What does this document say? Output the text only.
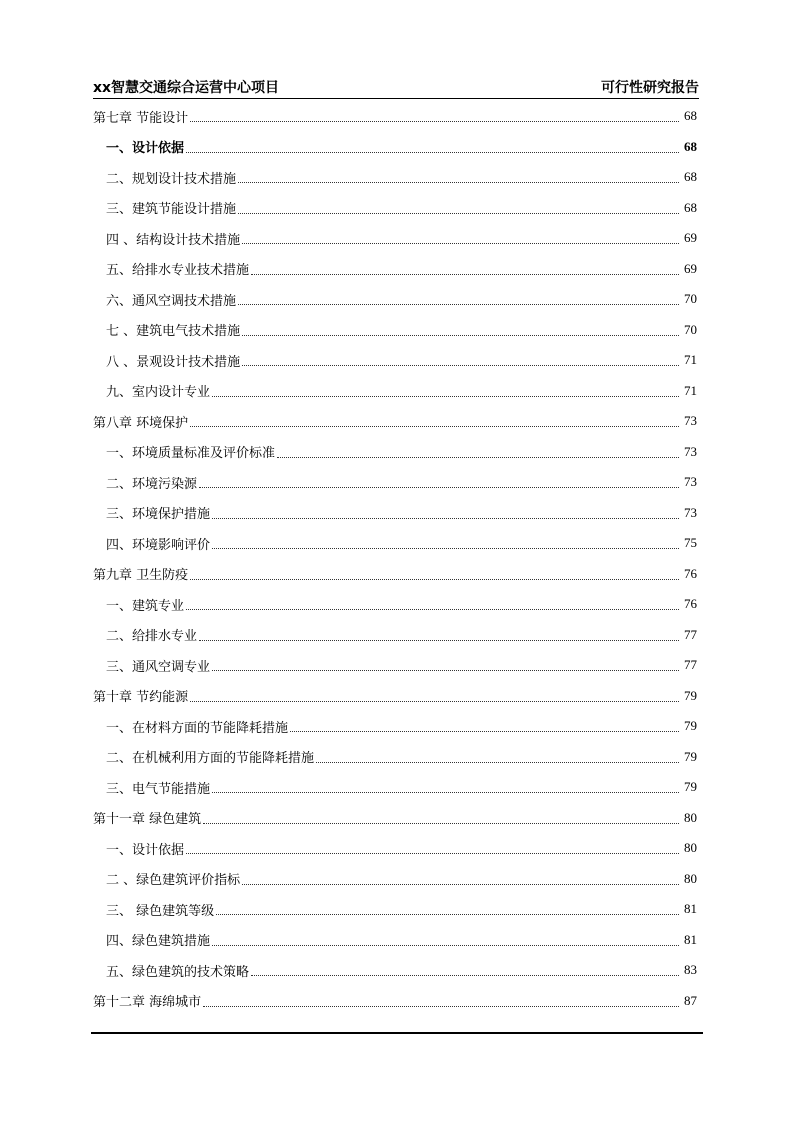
xx智慧交通综合运营中心项目	可行性研究报告
第七章 节能设计	68
一、设计依据	68
二、规划设计技术措施	68
三、建筑节能设计措施	68
四 、结构设计技术措施	69
五、给排水专业技术措施	69
六、通风空调技术措施	70
七 、建筑电气技术措施	70
八 、景观设计技术措施	71
九、室内设计专业	71
第八章 环境保护	73
一、环境质量标准及评价标准	73
二、环境污染源	73
三、环境保护措施	73
四、环境影响评价	75
第九章 卫生防疫	76
一、建筑专业	76
二、给排水专业	77
三、通风空调专业	77
第十章 节约能源	79
一、在材料方面的节能降耗措施	79
二、在机械利用方面的节能降耗措施	79
三、电气节能措施	79
第十一章 绿色建筑	80
一、设计依据	80
二 、绿色建筑评价指标	80
三、 绿色建筑等级	81
四、绿色建筑措施	81
五、绿色建筑的技术策略	83
第十二章 海绵城市	87
